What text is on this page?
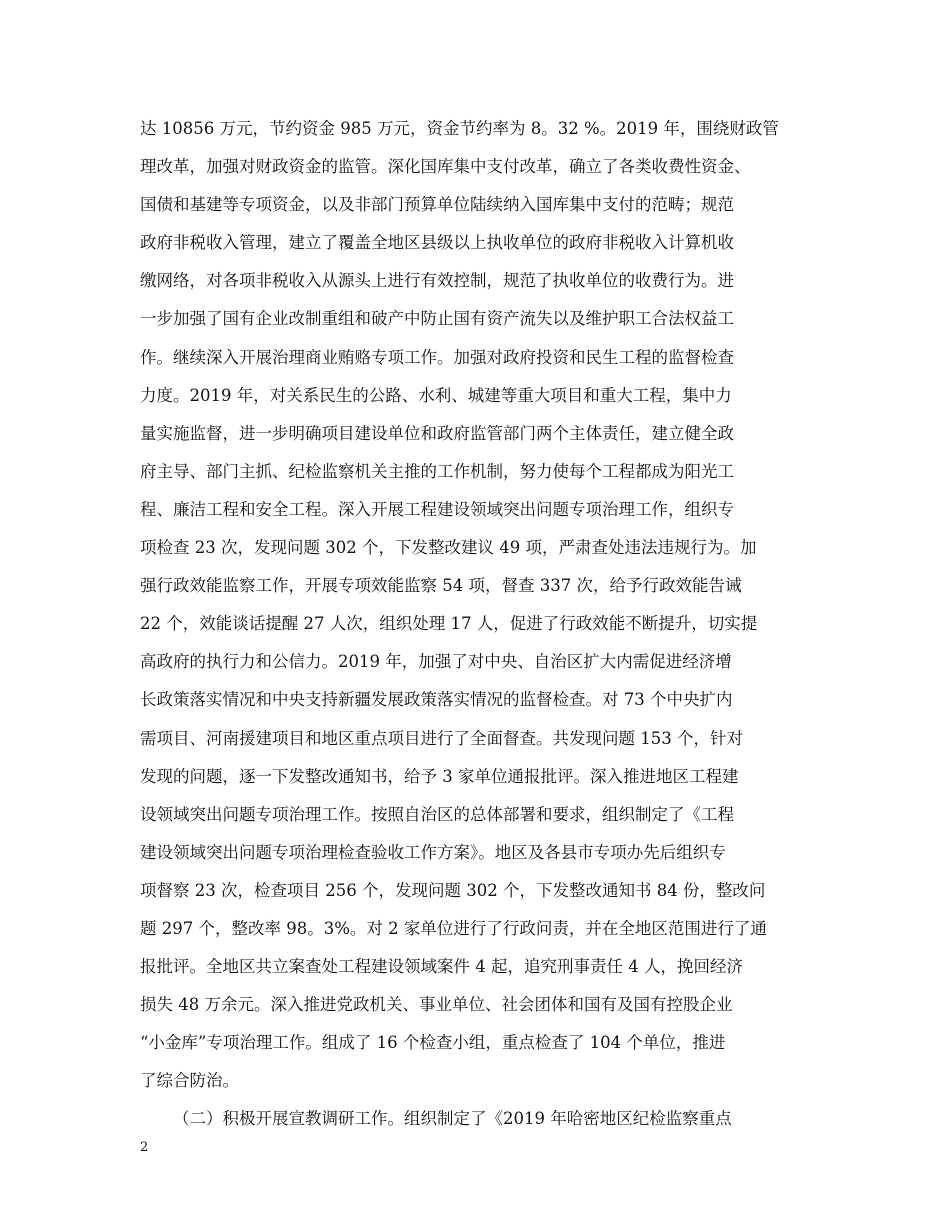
达 10856 万元，节约资金 985 万元，资金节约率为 8。32 %。2019 年，围绕财政管
理改革，加强对财政资金的监管。深化国库集中支付改革，确立了各类收费性资金、
国债和基建等专项资金，以及非部门预算单位陆续纳入国库集中支付的范畴；规范
政府非税收入管理，建立了覆盖全地区县级以上执收单位的政府非税收入计算机收
缴网络，对各项非税收入从源头上进行有效控制，规范了执收单位的收费行为。进
一步加强了国有企业改制重组和破产中防止国有资产流失以及维护职工合法权益工
作。继续深入开展治理商业贿赂专项工作。加强对政府投资和民生工程的监督检查
力度。2019 年，对关系民生的公路、水利、城建等重大项目和重大工程，集中力
量实施监督，进一步明确项目建设单位和政府监管部门两个主体责任，建立健全政
府主导、部门主抓、纪检监察机关主推的工作机制，努力使每个工程都成为阳光工
程、廉洁工程和安全工程。深入开展工程建设领域突出问题专项治理工作，组织专
项检查 23 次，发现问题 302 个，下发整改建议 49 项，严肃查处违法违规行为。加
强行政效能监察工作，开展专项效能监察 54 项，督查 337 次，给予行政效能告诫
22 个，效能谈话提醒 27 人次，组织处理 17 人，促进了行政效能不断提升，切实提
高政府的执行力和公信力。2019 年，加强了对中央、自治区扩大内需促进经济增
长政策落实情况和中央支持新疆发展政策落实情况的监督检查。对 73 个中央扩内
需项目、河南援建项目和地区重点项目进行了全面督查。共发现问题 153 个，针对
发现的问题，逐一下发整改通知书，给予 3 家单位通报批评。深入推进地区工程建
设领域突出问题专项治理工作。按照自治区的总体部署和要求，组织制定了《工程
建设领域突出问题专项治理检查验收工作方案》。地区及各县市专项办先后组织专
项督察 23 次，检查项目 256 个，发现问题 302 个，下发整改通知书 84 份，整改问
题 297 个，整改率 98。3%。对 2 家单位进行了行政问责，并在全地区范围进行了通
报批评。全地区共立案查处工程建设领域案件 4 起，追究刑事责任 4 人，挽回经济
损失 48 万余元。深入推进党政机关、事业单位、社会团体和国有及国有控股企业
“小金库”专项治理工作。组成了 16 个检查小组，重点检查了 104 个单位，推进
了综合防治。
（二）积极开展宣教调研工作。组织制定了《2019 年哈密地区纪检监察重点
2
